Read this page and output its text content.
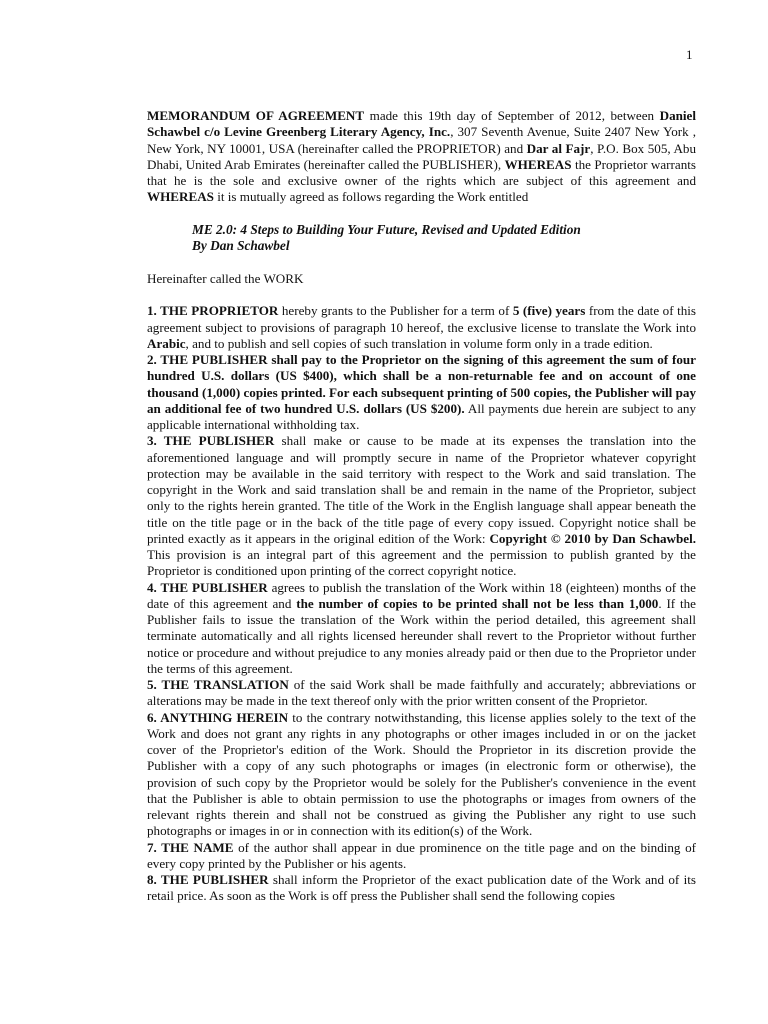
1

MEMORANDUM OF AGREEMENT made this 19th day of September of 2012, between Daniel Schawbel c/o Levine Greenberg Literary Agency, Inc., 307 Seventh Avenue, Suite 2407 New York , New York, NY 10001, USA (hereinafter called the PROPRIETOR) and Dar al Fajr, P.O. Box 505, Abu Dhabi, United Arab Emirates (hereinafter called the PUBLISHER), WHEREAS the Proprietor warrants that he is the sole and exclusive owner of the rights which are subject of this agreement and WHEREAS it is mutually agreed as follows regarding the Work entitled

ME 2.0: 4 Steps to Building Your Future, Revised and Updated Edition
By Dan Schawbel

Hereinafter called the WORK

1. THE PROPRIETOR hereby grants to the Publisher for a term of 5 (five) years from the date of this agreement subject to provisions of paragraph 10 hereof, the exclusive license to translate the Work into Arabic, and to publish and sell copies of such translation in volume form only in a trade edition.

2. THE PUBLISHER shall pay to the Proprietor on the signing of this agreement the sum of four hundred U.S. dollars (US $400), which shall be a non-returnable fee and on account of one thousand (1,000) copies printed. For each subsequent printing of 500 copies, the Publisher will pay an additional fee of two hundred U.S. dollars (US $200). All payments due herein are subject to any applicable international withholding tax.

3. THE PUBLISHER shall make or cause to be made at its expenses the translation into the aforementioned language and will promptly secure in name of the Proprietor whatever copyright protection may be available in the said territory with respect to the Work and said translation. The copyright in the Work and said translation shall be and remain in the name of the Proprietor, subject only to the rights herein granted. The title of the Work in the English language shall appear beneath the title on the title page or in the back of the title page of every copy issued. Copyright notice shall be printed exactly as it appears in the original edition of the Work: Copyright © 2010 by Dan Schawbel. This provision is an integral part of this agreement and the permission to publish granted by the Proprietor is conditioned upon printing of the correct copyright notice.

4. THE PUBLISHER agrees to publish the translation of the Work within 18 (eighteen) months of the date of this agreement and the number of copies to be printed shall not be less than 1,000. If the Publisher fails to issue the translation of the Work within the period detailed, this agreement shall terminate automatically and all rights licensed hereunder shall revert to the Proprietor without further notice or procedure and without prejudice to any monies already paid or then due to the Proprietor under the terms of this agreement.

5. THE TRANSLATION of the said Work shall be made faithfully and accurately; abbreviations or alterations may be made in the text thereof only with the prior written consent of the Proprietor.

6. ANYTHING HEREIN to the contrary notwithstanding, this license applies solely to the text of the Work and does not grant any rights in any photographs or other images included in or on the jacket cover of the Proprietor's edition of the Work. Should the Proprietor in its discretion provide the Publisher with a copy of any such photographs or images (in electronic form or otherwise), the provision of such copy by the Proprietor would be solely for the Publisher's convenience in the event that the Publisher is able to obtain permission to use the photographs or images from owners of the relevant rights therein and shall not be construed as giving the Publisher any right to use such photographs or images in or in connection with its edition(s) of the Work.

7. THE NAME of the author shall appear in due prominence on the title page and on the binding of every copy printed by the Publisher or his agents.

8. THE PUBLISHER shall inform the Proprietor of the exact publication date of the Work and of its retail price. As soon as the Work is off press the Publisher shall send the following copies
